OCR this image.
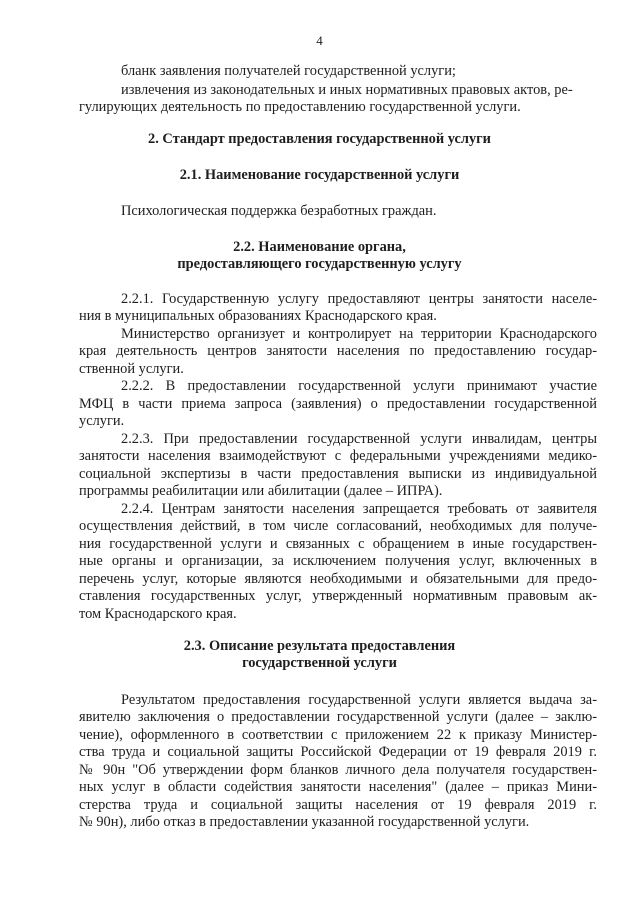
4
бланк заявления получателей государственной услуги;
извлечения из законодательных и иных нормативных правовых актов, ре-
гулирующих деятельность по предоставлению государственной услуги.
2. Стандарт предоставления государственной услуги
2.1. Наименование государственной услуги
Психологическая поддержка безработных граждан.
2.2. Наименование органа,
предоставляющего государственную услугу
2.2.1. Государственную услугу предоставляют центры занятости населе-
ния в муниципальных образованиях Краснодарского края.
Министерство организует и контролирует на территории Краснодарского
края деятельность центров занятости населения по предоставлению государ-
ственной услуги.
2.2.2. В предоставлении государственной услуги принимают участие
МФЦ в части приема запроса (заявления) о предоставлении государственной
услуги.
2.2.3. При предоставлении государственной услуги инвалидам, центры
занятости населения взаимодействуют с федеральными учреждениями медико-
социальной экспертизы в части предоставления выписки из индивидуальной
программы реабилитации или абилитации (далее – ИПРА).
2.2.4. Центрам занятости населения запрещается требовать от заявителя
осуществления действий, в том числе согласований, необходимых для получе-
ния государственной услуги и связанных с обращением в иные государствен-
ные органы и организации, за исключением получения услуг, включенных в
перечень услуг, которые являются необходимыми и обязательными для предо-
ставления государственных услуг, утвержденный нормативным правовым ак-
том Краснодарского края.
2.3. Описание результата предоставления
государственной услуги
Результатом предоставления государственной услуги является выдача за-
явителю заключения о предоставлении государственной услуги (далее – заклю-
чение), оформленного в соответствии с приложением 22 к приказу Министер-
ства труда и социальной защиты Российской Федерации от 19 февраля 2019 г.
№ 90н "Об утверждении форм бланков личного дела получателя государствен-
ных услуг в области содействия занятости населения" (далее – приказ Мини-
стерства труда и социальной защиты населения от 19 февраля 2019 г.
№ 90н), либо отказ в предоставлении указанной государственной услуги.
